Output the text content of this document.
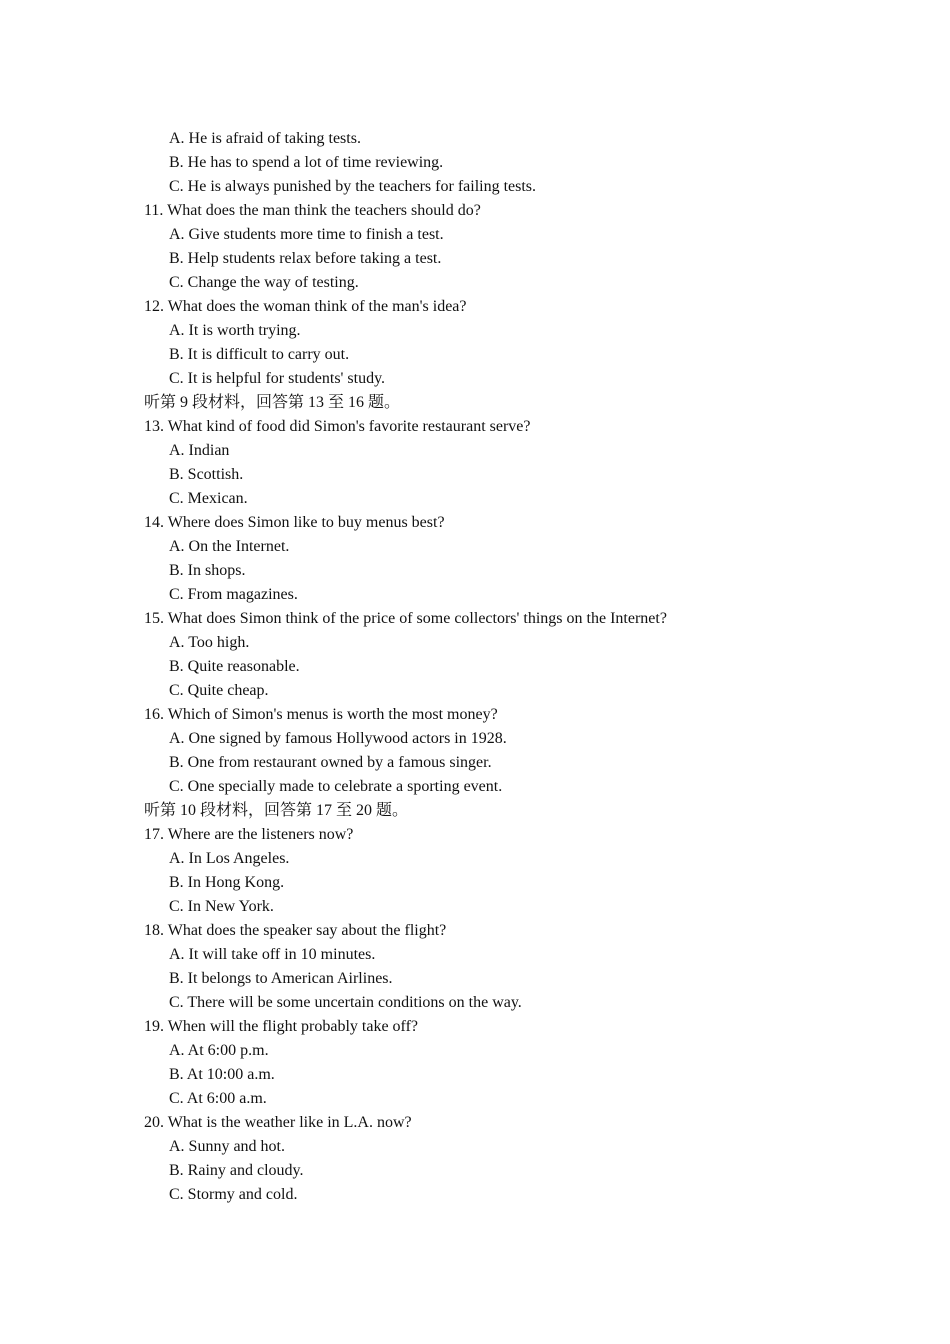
A. He is afraid of taking tests.
B. He has to spend a lot of time reviewing.
C. He is always punished by the teachers for failing tests.
11. What does the man think the teachers should do?
A. Give students more time to finish a test.
B. Help students relax before taking a test.
C. Change the way of testing.
12. What does the woman think of the man's idea?
A. It is worth trying.
B. It is difficult to carry out.
C. It is helpful for students' study.
听第 9 段材料，回答第 13 至 16 题。
13. What kind of food did Simon's favorite restaurant serve?
A. Indian
B. Scottish.
C. Mexican.
14. Where does Simon like to buy menus best?
A. On the Internet.
B. In shops.
C. From magazines.
15. What does Simon think of the price of some collectors' things on the Internet?
A. Too high.
B. Quite reasonable.
C. Quite cheap.
16. Which of Simon's menus is worth the most money?
A. One signed by famous Hollywood actors in 1928.
B. One from restaurant owned by a famous singer.
C. One specially made to celebrate a sporting event.
听第 10 段材料，回答第 17 至 20 题。
17. Where are the listeners now?
A. In Los Angeles.
B. In Hong Kong.
C. In New York.
18. What does the speaker say about the flight?
A. It will take off in 10 minutes.
B. It belongs to American Airlines.
C. There will be some uncertain conditions on the way.
19. When will the flight probably take off?
A. At 6:00 p.m.
B. At 10:00 a.m.
C. At 6:00 a.m.
20. What is the weather like in L.A. now?
A. Sunny and hot.
B. Rainy and cloudy.
C. Stormy and cold.
